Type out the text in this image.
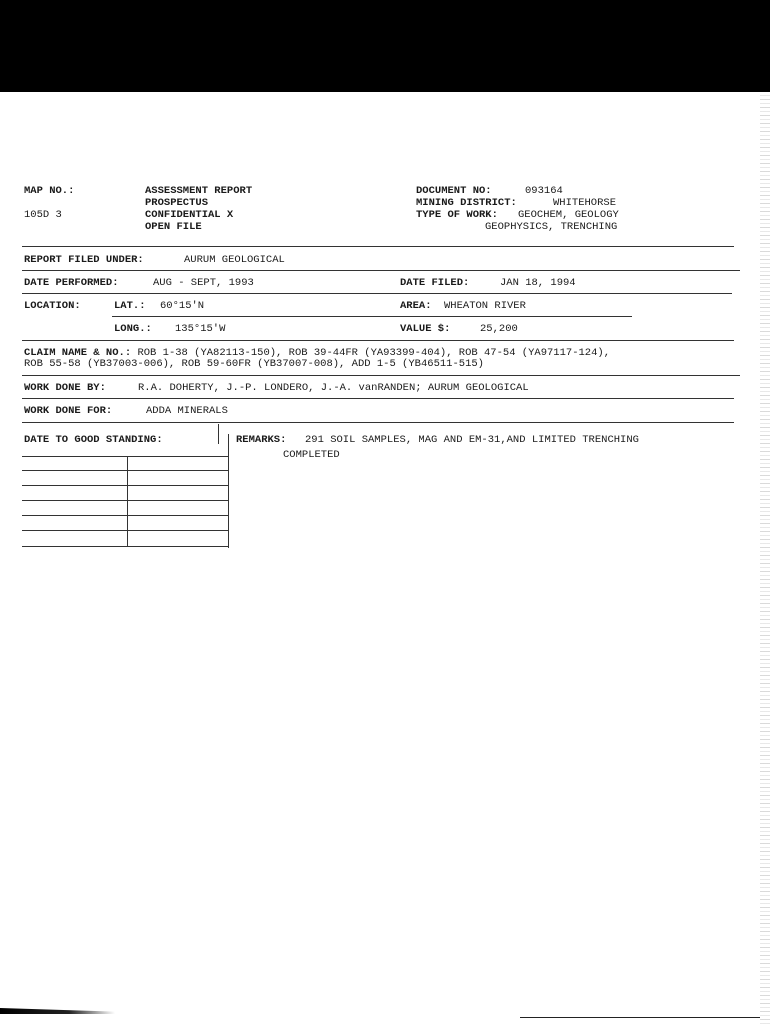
MAP NO.:
105D 3
ASSESSMENT REPORT
PROSPECTUS
CONFIDENTIAL X
OPEN FILE
DOCUMENT NO:	093164
MINING DISTRICT:	WHITEHORSE
TYPE OF WORK: GEOCHEM, GEOLOGY
GEOPHYSICS, TRENCHING
REPORT FILED UNDER:	AURUM GEOLOGICAL
DATE PERFORMED:	AUG - SEPT, 1993	DATE FILED:	JAN 18, 1994
LOCATION:	LAT.: 60°15'N	AREA: WHEATON RIVER
LONG.: 135°15'W	VALUE $:	25,200
CLAIM NAME & NO.: ROB 1-38 (YA82113-150), ROB 39-44FR (YA93399-404), ROB 47-54 (YA97117-124),
ROB 55-58 (YB37003-006), ROB 59-60FR (YB37007-008), ADD 1-5 (YB46511-515)
WORK DONE BY:	R.A. DOHERTY, J.-P. LONDERO, J.-A. vanRANDEN; AURUM GEOLOGICAL
WORK DONE FOR:	ADDA MINERALS
DATE TO GOOD STANDING:	REMARKS: 291 SOIL SAMPLES, MAG AND EM-31,AND LIMITED TRENCHING
COMPLETED
